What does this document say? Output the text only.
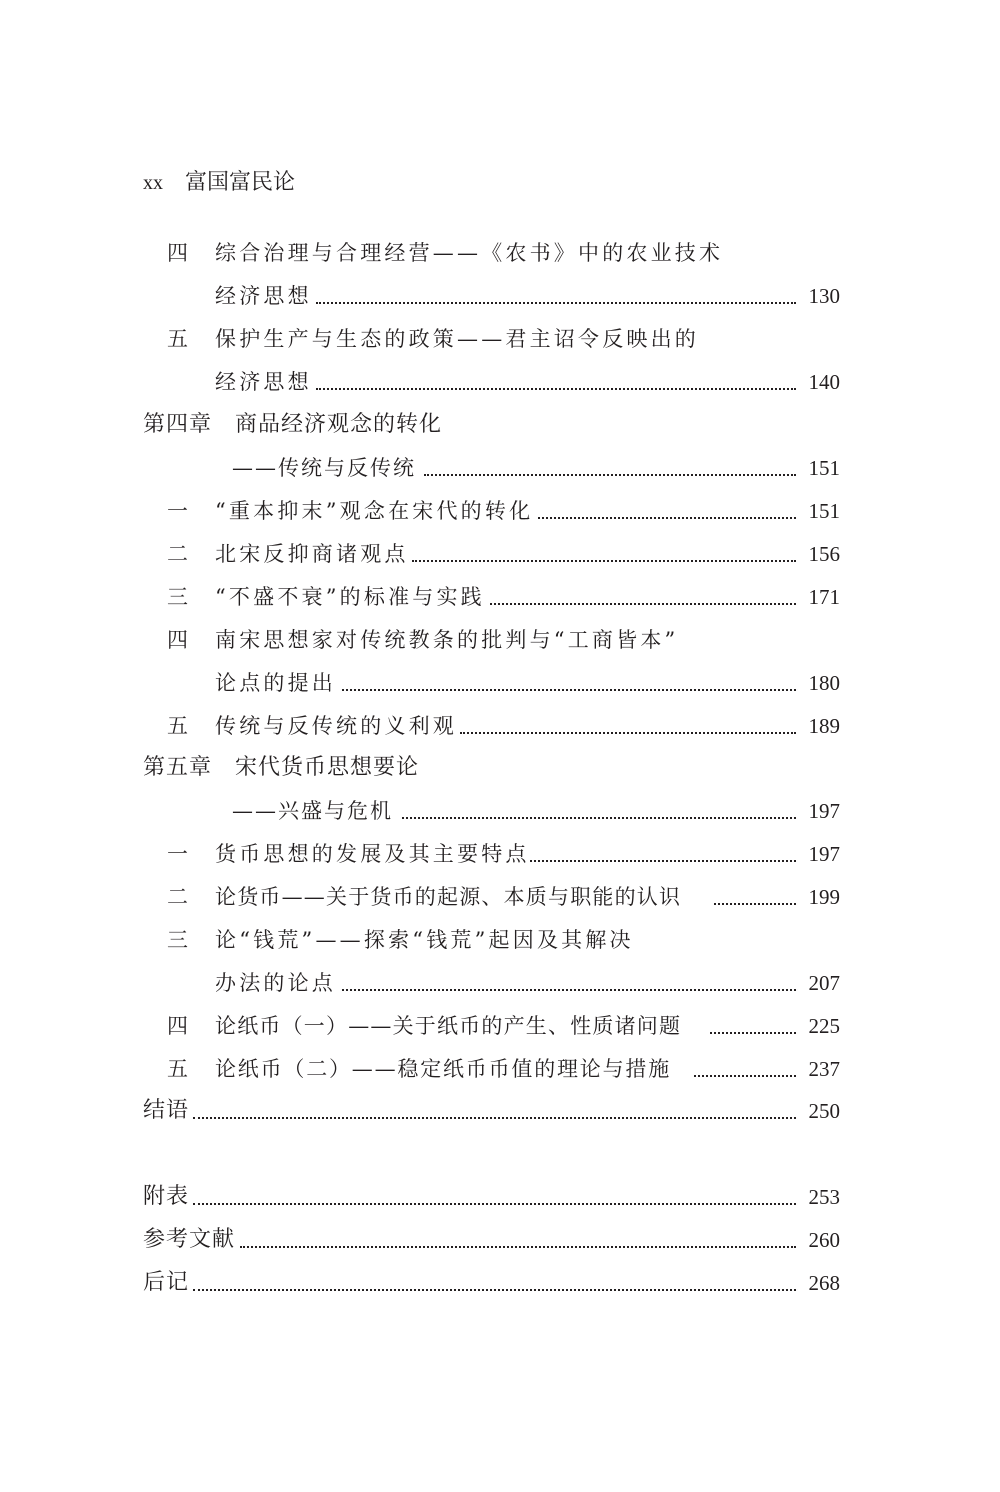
xx 富国富民论
四	综合治理与合理经营——《农书》中的农业技术
经济思想	130
五	保护生产与生态的政策——君主诏令反映出的
经济思想	140
第四章 商品经济观念的转化
——传统与反传统	151
一	“重本抑末”观念在宋代的转化	151
二	北宋反抑商诸观点	156
三	“不盛不衰”的标准与实践	171
四	南宋思想家对传统教条的批判与“工商皆本”
论点的提出	180
五	传统与反传统的义利观	189
第五章 宋代货币思想要论
——兴盛与危机	197
一	货币思想的发展及其主要特点	197
二	论货币——关于货币的起源、本质与职能的认识	199
三	论“钱荒”——探索“钱荒”起因及其解决
办法的论点	207
四	论纸币（一）——关于纸币的产生、性质诸问题	225
五	论纸币（二）——稳定纸币币值的理论与措施	237
结语	250
附表	253
参考文献	260
后记	268
